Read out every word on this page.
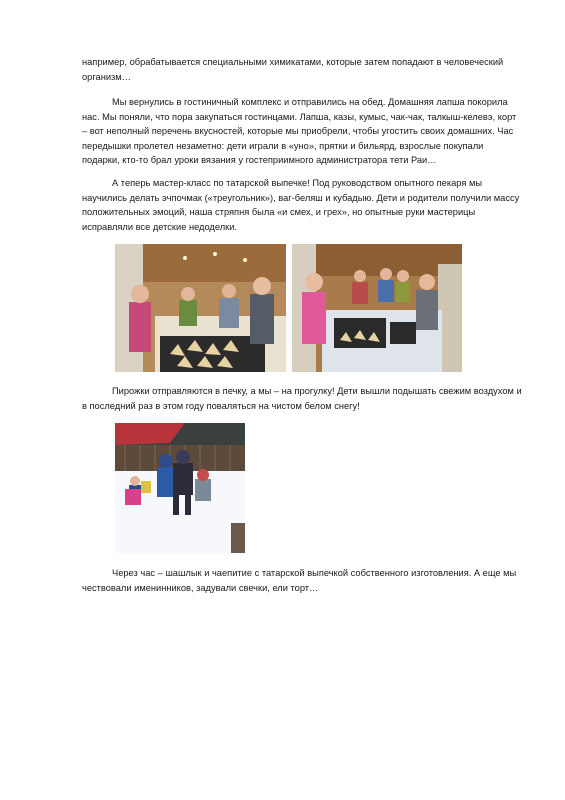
например, обрабатывается специальными химикатами, которые затем попадают в человеческий организм…

Мы вернулись в гостиничный комплекс и отправились на обед. Домашняя лапша покорила нас. Мы поняли, что пора закупаться гостинцами. Лапша, казы, кумыс, чак-чак, талкыш-келевэ, корт – вот неполный перечень вкусностей, которые мы приобрели, чтобы угостить своих домашних. Час передышки пролетел незаметно: дети играли в «уно», прятки и бильярд, взрослые покупали подарки, кто-то брал уроки вязания у гостеприимного администратора тети Раи…

А теперь мастер-класс по татарской выпечке! Под руководством опытного пекаря мы научились делать эчпочмак («треугольник»), ваг-беляш и кубадыю. Дети и родители получили массу положительных эмоций, наша стряпня была «и смех, и грех», но опытные руки мастерицы исправляли все детские недоделки.

Пирожки отправляются в печку, а мы – на прогулку! Дети вышли подышать свежим воздухом и в последний раз в этом году поваляться на чистом белом снегу!

Через час – шашлык и чаепитие с татарской выпечкой собственного изготовления. А еще мы чествовали именинников, задували свечки, ели торт…
